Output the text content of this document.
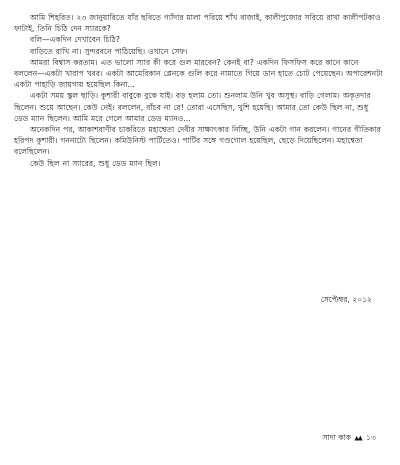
আমি শিহরিত। ২৩ জানুয়ারিতে যাঁর ছবিতে গ্যাঁদার মালা পরিয়ে শাঁখ বাজাই, কালীপুজোর সরিয়ে রাখা কালীপটকাও ফাটাই, তিনি চিঠি দেন স্যারকে?

বলি—একদিন দেখাবেন চিঠি?

বাড়িতে রাখি না। সুন্দরবনে পাঠিয়েছি। ওখানে সেফ।

আমরা বিশ্বাস করতাম। এত ভালো স্যার কী করে গুল মারবেন? কেনই বা? একদিন ফিসফিস করে কানে কানে বললেন—একটা খারাপ খবর। একটা আমেরিকান প্লেনকে গুলি করে নামাতে গিয়ে ডান হাতে চোট পেয়েছেন। অপারেশনটা একটা পাহাড়ি জায়গায় হয়েছিল কিনা...

একটা সময় স্কুল ছাড়ি। কুশারী বাবুকে বুকে যাই। বড় হলাম তো। শুনলাম উনি খুব অসুস্থ। বাড়ি গেলাম। অকৃতদার ছিলেন। শুয়ে আছেন। কেউ নেই। বললেন, বাঁচব না রে! তোরা এসেছিস, খুশি হয়েছি। আমার তো কেউ ছিল না, শুধু ডেড ম্যান ছিলেন। আমি মরে গেলে আমার ডেড ম্যানও...

অনেকদিন পর, আকাশবাণীর চাকরিতে মহাশ্বেতা দেবীর সাক্ষাৎকার নিচ্ছি, উনি একটা গান করলেন। গানের গীতিকার হরিপদ কুশারী। গননাট্যে ছিলেন। কমিউনিস্ট পার্টিতেও। পার্টির সঙ্গে গণ্ডগোল হয়েছিল, ছেড়ে দিয়েছিলেন। মহাশ্বেতা বলেছিলেন।

কেউ ছিল না স্যারের, শুধু ডেড ম্যান ছিল।

সেপ্টেম্বর, ২০১২
সাদা কাক ১৩
